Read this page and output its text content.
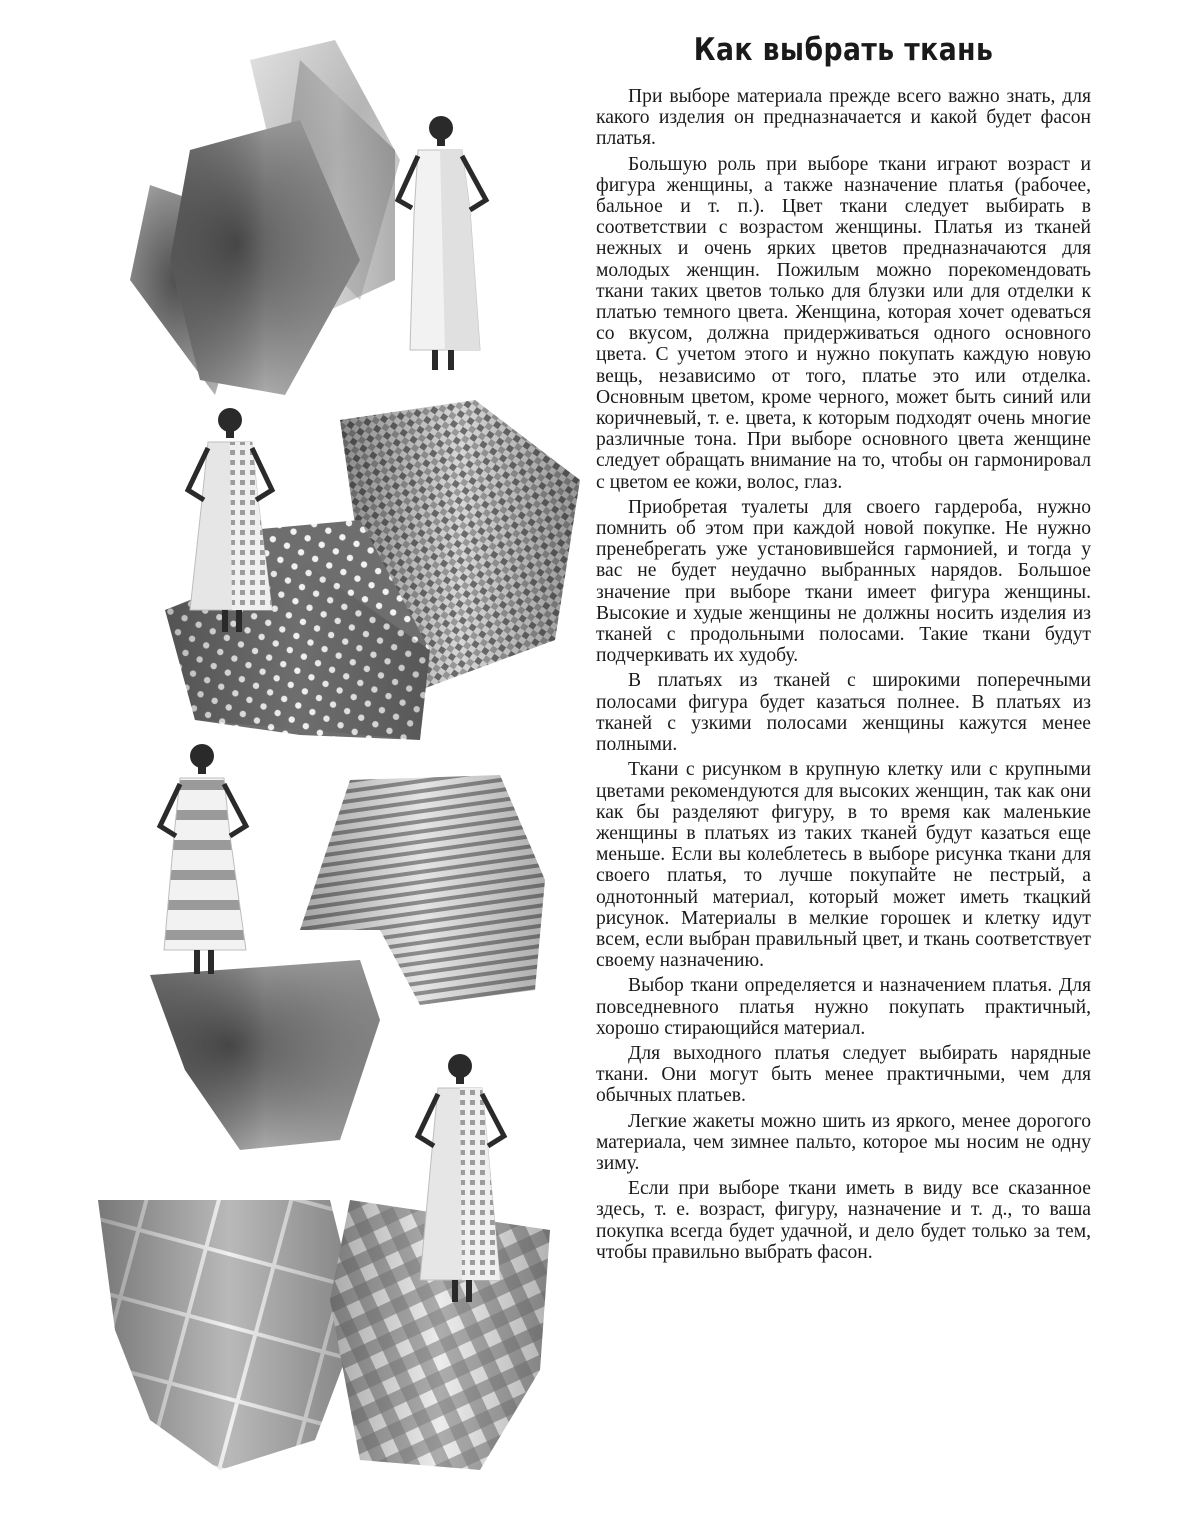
Как выбрать ткань

При выборе материала прежде всего важно знать, для какого изделия он предназначается и какой будет фасон платья.

Большую роль при выборе ткани играют возраст и фигура женщины, а также назначение платья (рабочее, бальное и т. п.). Цвет ткани следует выбирать в соответствии с возрастом женщины. Платья из тканей нежных и очень ярких цветов предназначаются для молодых женщин. Пожилым можно порекомендовать ткани таких цветов только для блузки или для отделки к платью темного цвета. Женщина, которая хочет одеваться со вкусом, должна придерживаться одного основного цвета. С учетом этого и нужно покупать каждую новую вещь, независимо от того, платье это или отделка. Основным цветом, кроме черного, может быть синий или коричневый, т. е. цвета, к которым подходят очень многие различные тона. При выборе основного цвета женщине следует обращать внимание на то, чтобы он гармонировал с цветом ее кожи, волос, глаз.

Приобретая туалеты для своего гардероба, нужно помнить об этом при каждой новой покупке. Не нужно пренебрегать уже установившейся гармонией, и тогда у вас не будет неудачно выбранных нарядов. Большое значение при выборе ткани имеет фигура женщины. Высокие и худые женщины не должны носить изделия из тканей с продольными полосами. Такие ткани будут подчеркивать их худобу.

В платьях из тканей с широкими поперечными полосами фигура будет казаться полнее. В платьях из тканей с узкими полосами женщины кажутся менее полными.

Ткани с рисунком в крупную клетку или с крупными цветами рекомендуются для высоких женщин, так как они как бы разделяют фигуру, в то время как маленькие женщины в платьях из таких тканей будут казаться еще меньше. Если вы колеблетесь в выборе рисунка ткани для своего платья, то лучше покупайте не пестрый, а однотонный материал, который может иметь ткацкий рисунок. Материалы в мелкие горошек и клетку идут всем, если выбран правильный цвет, и ткань соответствует своему назначению.

Выбор ткани определяется и назначением платья. Для повседневного платья нужно покупать практичный, хорошо стирающийся материал.

Для выходного платья следует выбирать нарядные ткани. Они могут быть менее практичными, чем для обычных платьев.

Легкие жакеты можно шить из яркого, менее дорогого материала, чем зимнее пальто, которое мы носим не одну зиму.

Если при выборе ткани иметь в виду все сказанное здесь, т. е. возраст, фигуру, назначение и т. д., то ваша покупка всегда будет удачной, и дело будет только за тем, чтобы правильно выбрать фасон.
